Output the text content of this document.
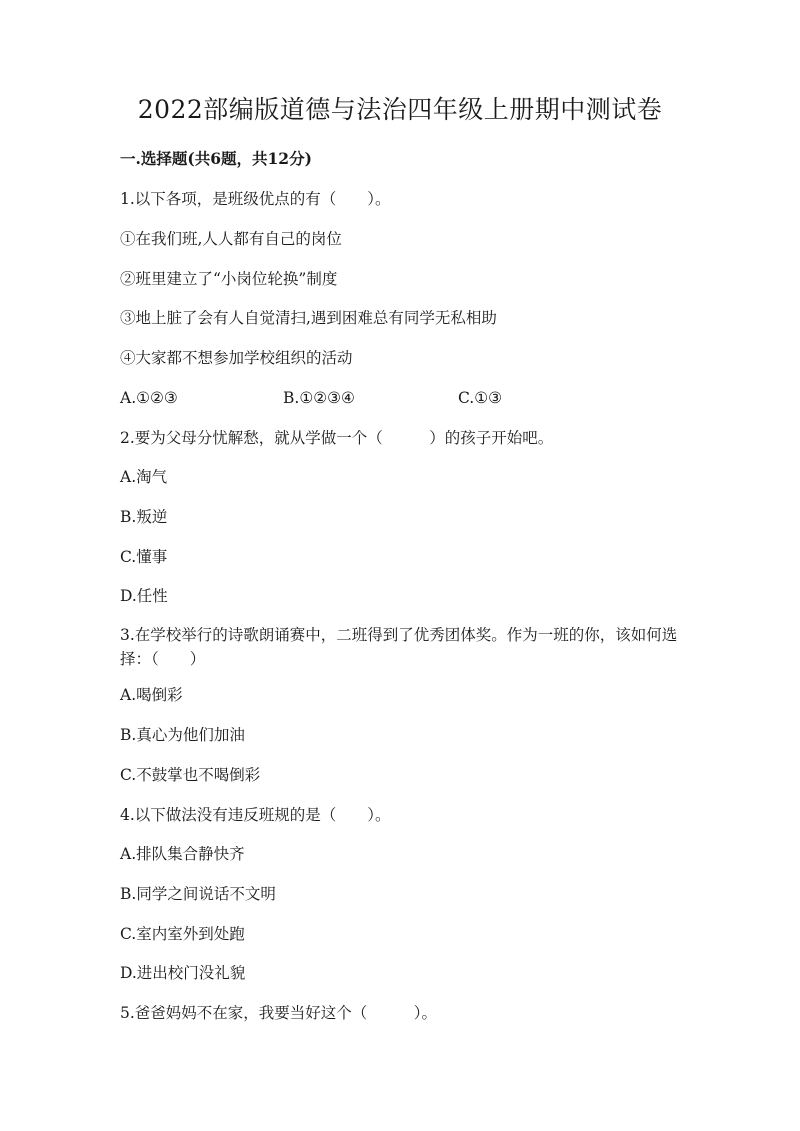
2022部编版道德与法治四年级上册期中测试卷
一.选择题(共6题，共12分)
1.以下各项，是班级优点的有（　　）。
①在我们班,人人都有自己的岗位
②班里建立了“小岗位轮换”制度
③地上脏了会有人自觉清扫,遇到困难总有同学无私相助
④大家都不想参加学校组织的活动
A.①②③	B.①②③④	C.①③
2.要为父母分忧解愁，就从学做一个（　　　）的孩子开始吧。
A.淘气
B.叛逆
C.懂事
D.任性
3.在学校举行的诗歌朗诵赛中，二班得到了优秀团体奖。作为一班的你，该如何选择：（　　）
A.喝倒彩
B.真心为他们加油
C.不鼓掌也不喝倒彩
4.以下做法没有违反班规的是（　　）。
A.排队集合静快齐
B.同学之间说话不文明
C.室内室外到处跑
D.进出校门没礼貌
5.爸爸妈妈不在家，我要当好这个（　　　）。
